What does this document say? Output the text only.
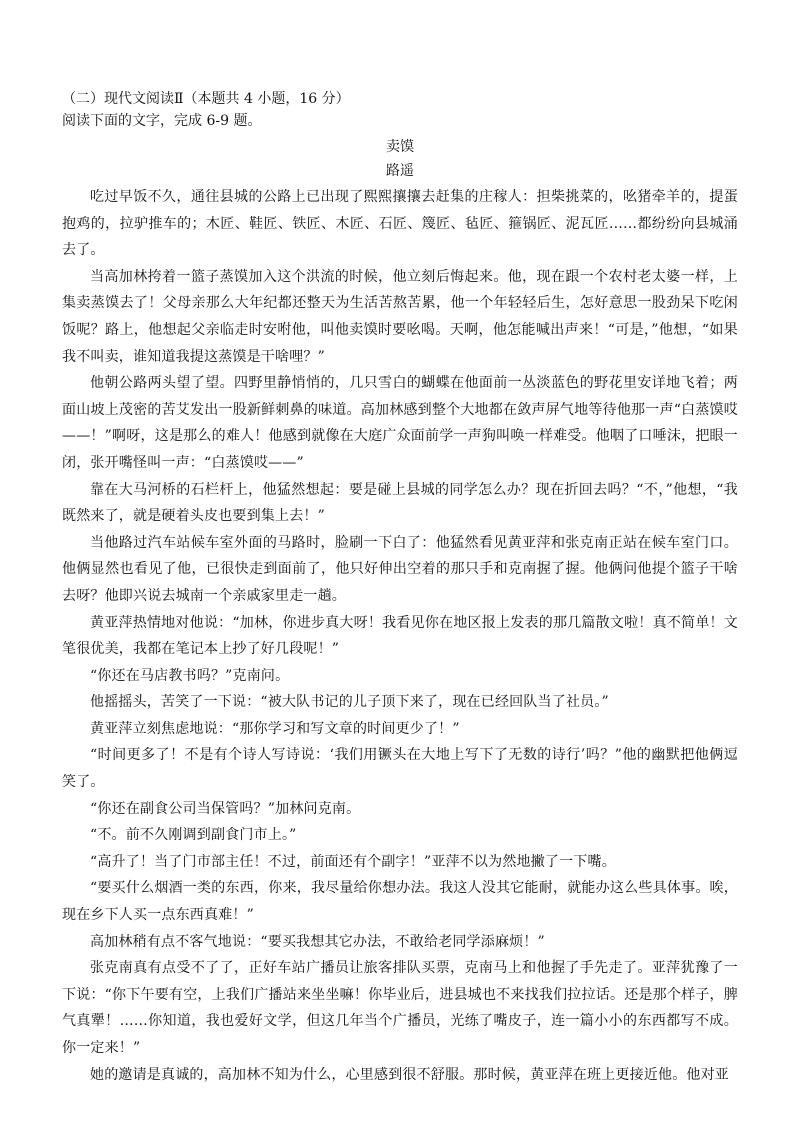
（二）现代文阅读Ⅱ（本题共 4 小题，16 分）

阅读下面的文字，完成 6-9 题。

卖馍

路遥

吃过早饭不久，通往县城的公路上已出现了熙熙攘攘去赶集的庄稼人：担柴挑菜的，吆猪牵羊的，提蛋抱鸡的，拉驴推车的；木匠、鞋匠、铁匠、木匠、石匠、篾匠、毡匠、箍锅匠、泥瓦匠……都纷纷向县城涌去了。

当高加林挎着一篮子蒸馍加入这个洪流的时候，他立刻后悔起来。他，现在跟一个农村老太婆一样，上集卖蒸馍去了！父母亲那么大年纪都还整天为生活苦熬苦累，他一个年轻轻后生，怎好意思一股劲呆下吃闲饭呢？路上，他想起父亲临走时安咐他，叫他卖馍时要吆喝。天啊，他怎能喊出声来！“可是，”他想，“如果我不叫卖，谁知道我提这蒸馍是干啥哩？”

他朝公路两头望了望。四野里静悄悄的，几只雪白的蝴蝶在他面前一丛淡蓝色的野花里安详地飞着；两面山坡上茂密的苦艾发出一股新鲜刺鼻的味道。高加林感到整个大地都在敛声屏气地等待他那一声“白蒸馍哎——！”啊呀，这是那么的难人！他感到就像在大庭广众面前学一声狗叫唤一样难受。他咽了口唾沫，把眼一闭，张开嘴怪叫一声：“白蒸馍哎——”

靠在大马河桥的石栏杆上，他猛然想起：要是碰上县城的同学怎么办？现在折回去吗？“不，”他想，“我既然来了，就是硬着头皮也要到集上去！”

当他路过汽车站候车室外面的马路时，脸刷一下白了：他猛然看见黄亚萍和张克南正站在候车室门口。他俩显然也看见了他，已很快走到面前了，他只好伸出空着的那只手和克南握了握。他俩问他提个篮子干啥去呀？他即兴说去城南一个亲戚家里走一趟。

黄亚萍热情地对他说：“加林，你进步真大呀！我看见你在地区报上发表的那几篇散文啦！真不简单！文笔很优美，我都在笔记本上抄了好几段呢！”

“你还在马店教书吗？”克南问。

他摇摇头，苦笑了一下说：“被大队书记的儿子顶下来了，现在已经回队当了社员。”

黄亚萍立刻焦虑地说：“那你学习和写文章的时间更少了！”

“时间更多了！不是有个诗人写诗说：‘我们用镢头在大地上写下了无数的诗行’吗？”他的幽默把他俩逗笑了。

“你还在副食公司当保管吗？”加林问克南。

“不。前不久刚调到副食门市上。”

“高升了！当了门市部主任！不过，前面还有个副字！”亚萍不以为然地撇了一下嘴。

“要买什么烟酒一类的东西，你来，我尽量给你想办法。我这人没其它能耐，就能办这么些具体事。唉，现在乡下人买一点东西真难！”

高加林稍有点不客气地说：“要买我想其它办法，不敢给老同学添麻烦！”

张克南真有点受不了了，正好车站广播员让旅客排队买票，克南马上和他握了手先走了。亚萍犹豫了一下说：“你下午要有空，上我们广播站来坐坐嘛！你毕业后，进县城也不来找我们拉拉话。还是那个样子，脾气真犟！……你知道，我也爱好文学，但这几年当个广播员，光练了嘴皮子，连一篇小小的东西都写不成。你一定来！”

她的邀请是真诚的，高加林不知为什么，心里感到很不舒服。那时候，黄亚萍在班上更接近他。他对亚
